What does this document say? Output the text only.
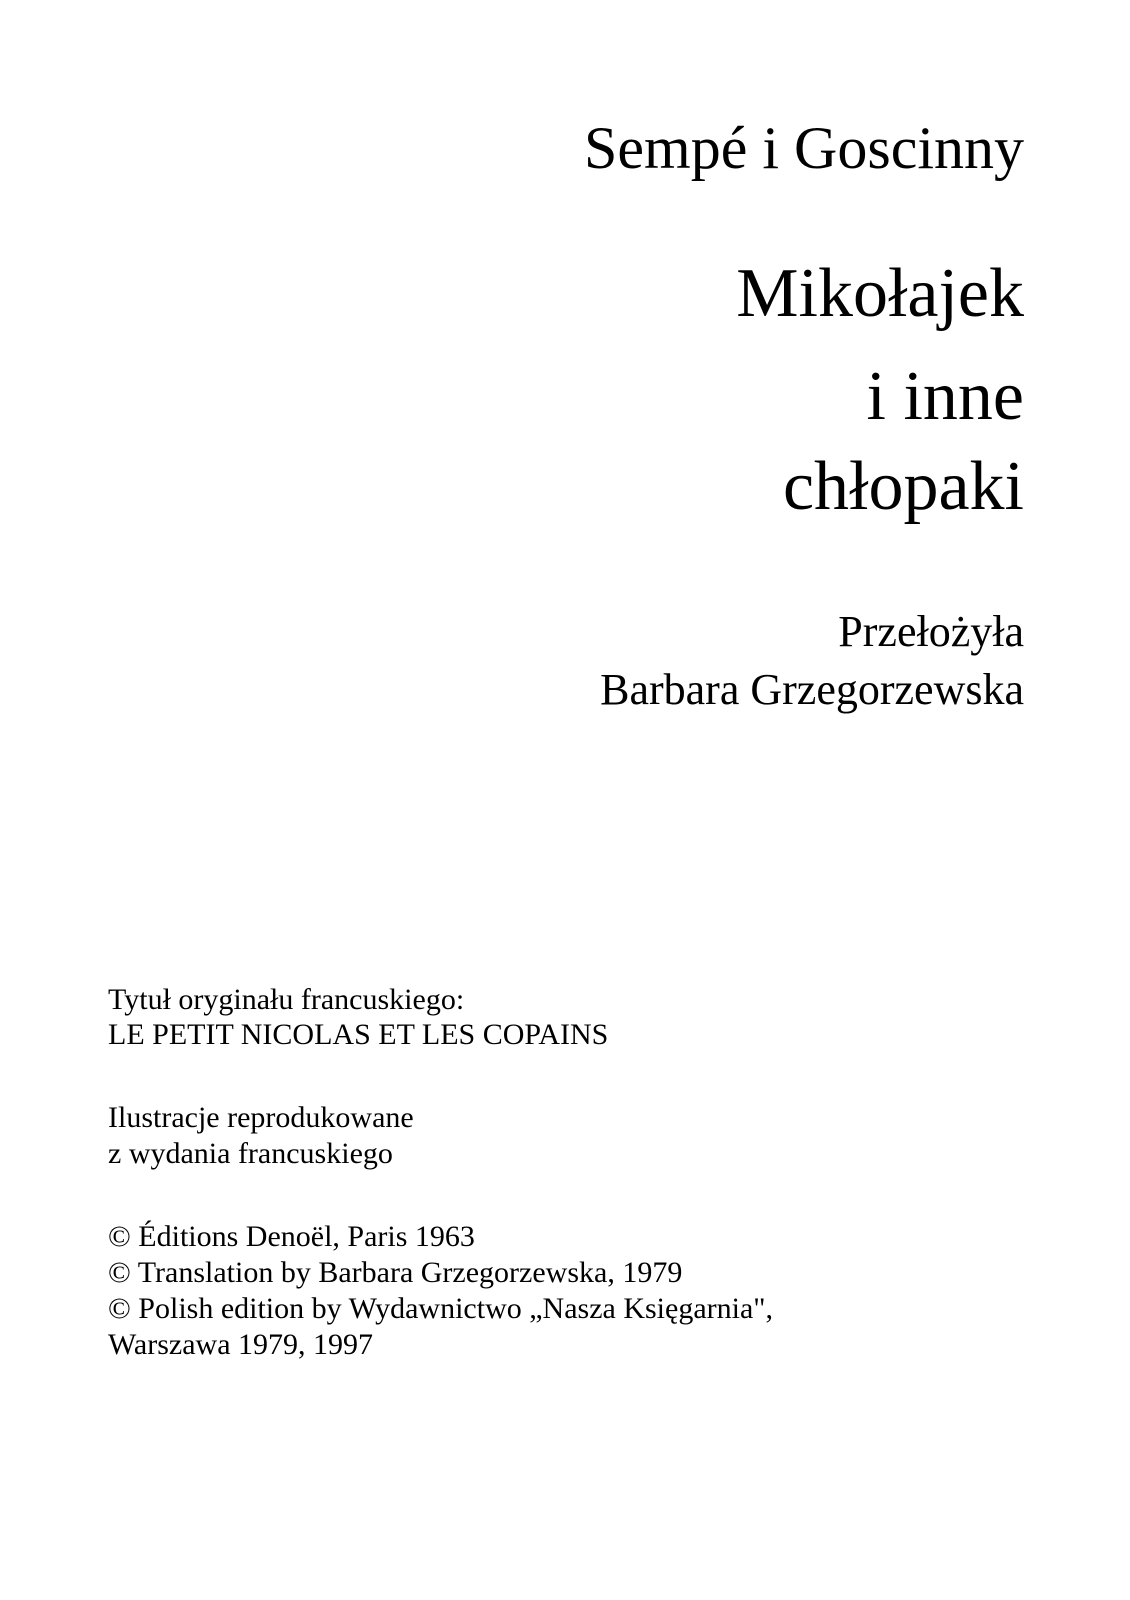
Sempé i Goscinny
Mikołajek
i inne
chłopaki
Przełożyła
Barbara Grzegorzewska
Tytuł oryginału francuskiego:
LE PETIT NICOLAS ET LES COPAINS
Ilustracje reprodukowane
z wydania francuskiego
© Éditions Denoël, Paris 1963
© Translation by Barbara Grzegorzewska, 1979
© Polish edition by Wydawnictwo „Nasza Księgarnia",
Warszawa 1979, 1997
